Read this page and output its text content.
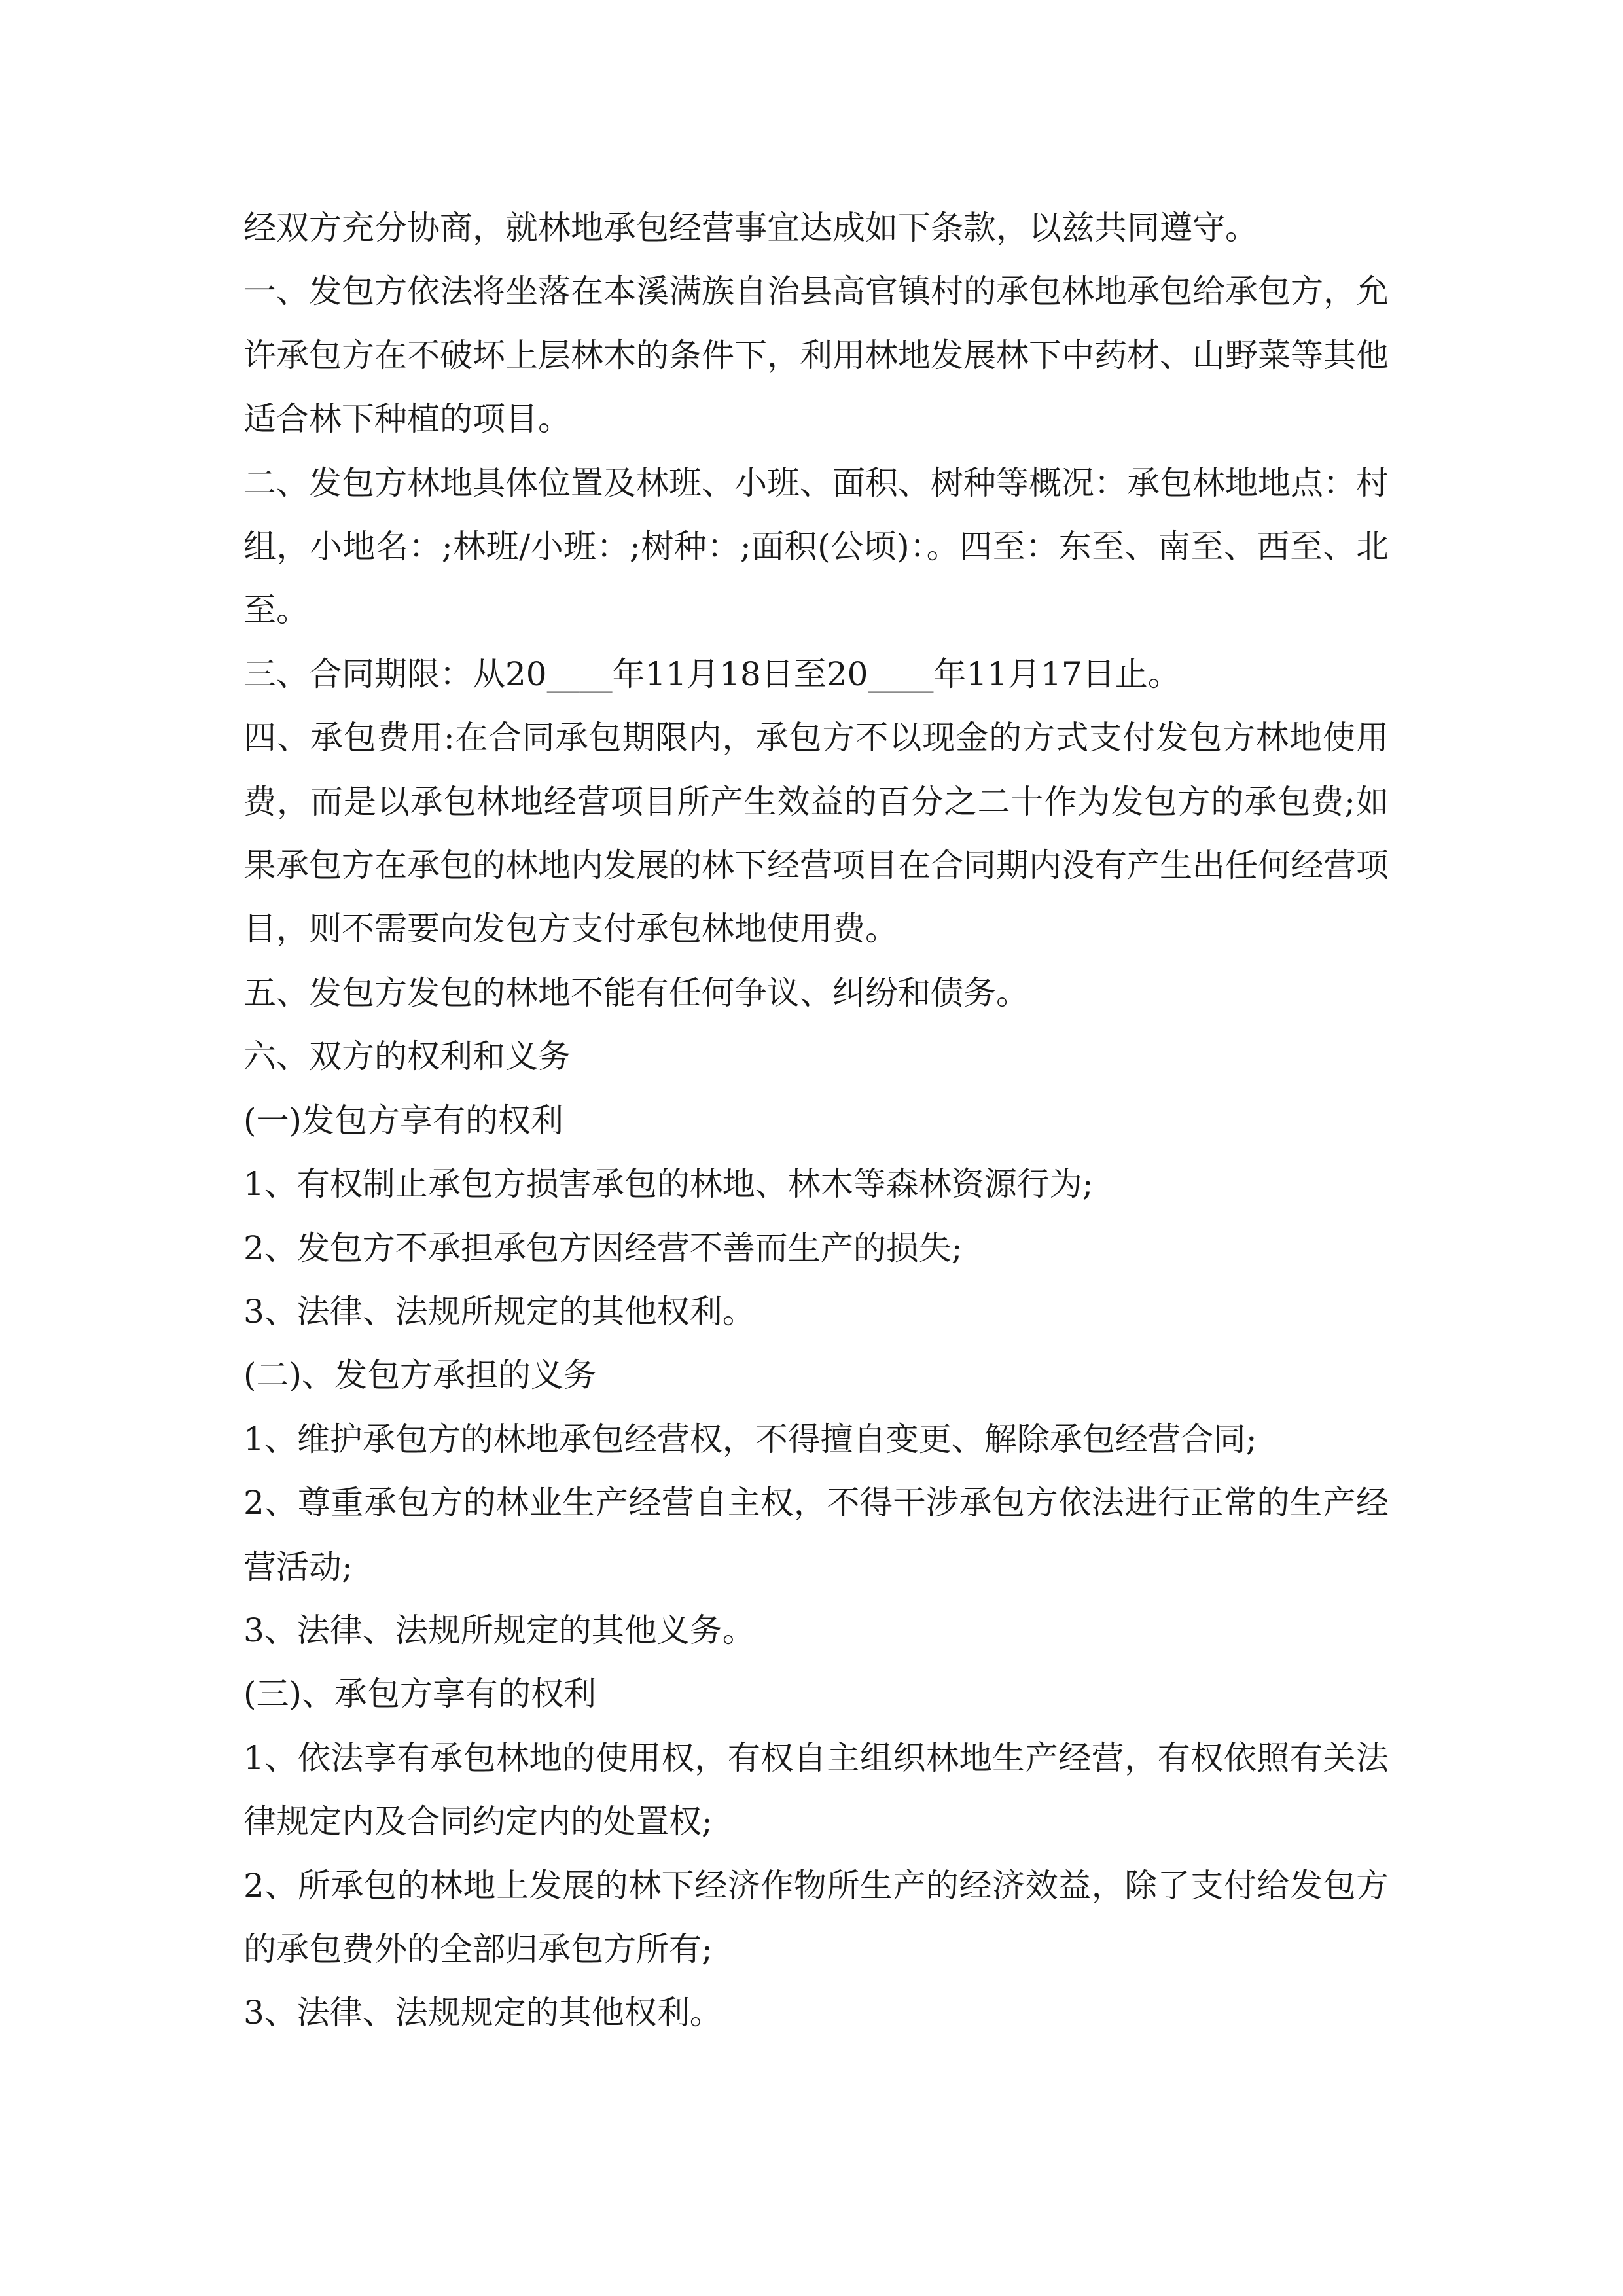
经双方充分协商，就林地承包经营事宜达成如下条款，以兹共同遵守。

一、发包方依法将坐落在本溪满族自治县高官镇村的承包林地承包给承包方，允许承包方在不破坏上层林木的条件下，利用林地发展林下中药材、山野菜等其他适合林下种植的项目。

二、发包方林地具体位置及林班、小班、面积、树种等概况：承包林地地点：村组，小地名：;林班/小班：;树种：;面积(公顷)：。四至：东至、南至、西至、北至。

三、合同期限：从20____年11月18日至20____年11月17日止。

四、承包费用:在合同承包期限内，承包方不以现金的方式支付发包方林地使用费，而是以承包林地经营项目所产生效益的百分之二十作为发包方的承包费;如果承包方在承包的林地内发展的林下经营项目在合同期内没有产生出任何经营项目，则不需要向发包方支付承包林地使用费。

五、发包方发包的林地不能有任何争议、纠纷和债务。

六、双方的权利和义务

(一)发包方享有的权利

1、有权制止承包方损害承包的林地、林木等森林资源行为;

2、发包方不承担承包方因经营不善而生产的损失;

3、法律、法规所规定的其他权利。

(二)、发包方承担的义务

1、维护承包方的林地承包经营权，不得擅自变更、解除承包经营合同;

2、尊重承包方的林业生产经营自主权，不得干涉承包方依法进行正常的生产经营活动;

3、法律、法规所规定的其他义务。

(三)、承包方享有的权利

1、依法享有承包林地的使用权，有权自主组织林地生产经营，有权依照有关法律规定内及合同约定内的处置权;

2、所承包的林地上发展的林下经济作物所生产的经济效益，除了支付给发包方的承包费外的全部归承包方所有;

3、法律、法规规定的其他权利。
